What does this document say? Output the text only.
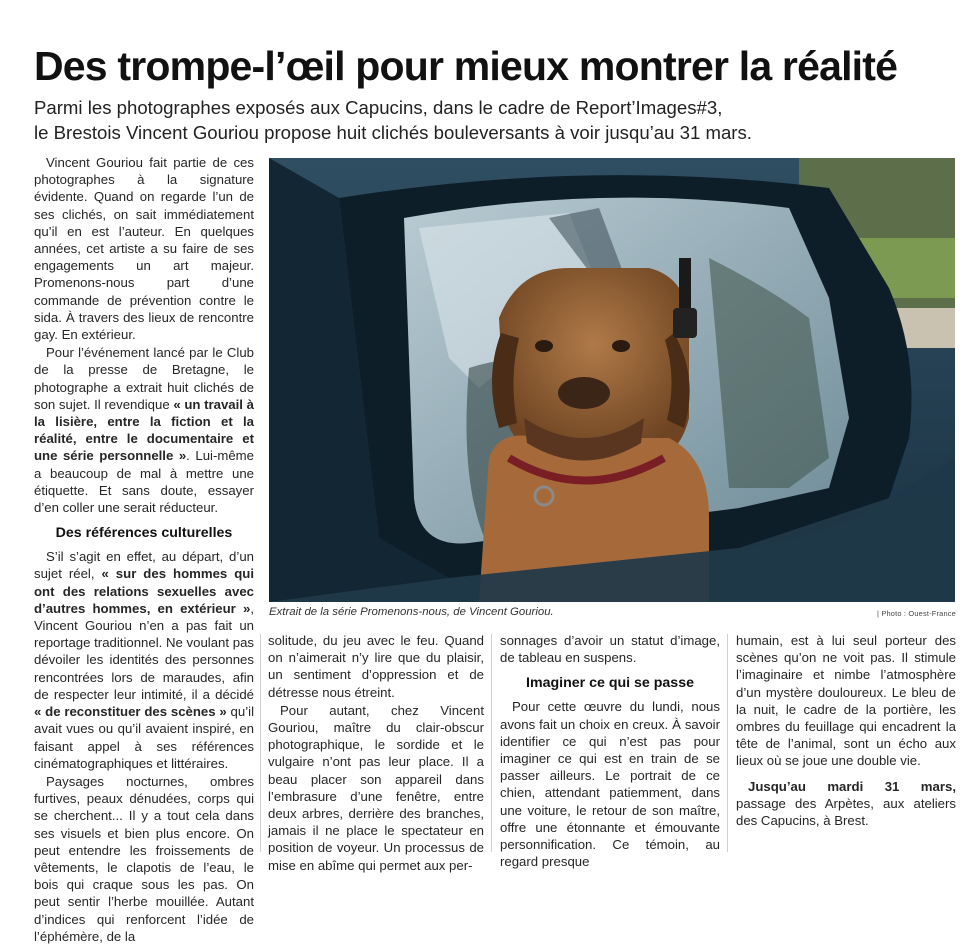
Des trompe-l’œil pour mieux montrer la réalité
Parmi les photographes exposés aux Capucins, dans le cadre de Report’Images#3,
le Brestois Vincent Gouriou propose huit clichés bouleversants à voir jusqu’au 31 mars.

Vincent Gouriou fait partie de ces photographes à la signature évidente. Quand on regarde l’un de ses clichés, on sait immédiatement qu’il en est l’auteur. En quelques années, cet artiste a su faire de ses engagements un art majeur. Promenons-nous part d’une commande de prévention contre le sida. À travers des lieux de rencontre gay. En extérieur.

Pour l’événement lancé par le Club de la presse de Bretagne, le photographe a extrait huit clichés de son sujet. Il revendique « un travail à la lisière, entre la fiction et la réalité, entre le documentaire et une série personnelle ». Lui-même a beaucoup de mal à mettre une étiquette. Et sans doute, essayer d’en coller une serait réducteur.

Des références culturelles

S’il s’agit en effet, au départ, d’un sujet réel, « sur des hommes qui ont des relations sexuelles avec d’autres hommes, en extérieur », Vincent Gouriou n’en a pas fait un reportage traditionnel. Ne voulant pas dévoiler les identités des personnes rencontrées lors de maraudes, afin de respecter leur intimité, il a décidé « de reconstituer des scènes » qu’il avait vues ou qu’il avaient inspiré, en faisant appel à ses références cinématographiques et littéraires.

Paysages nocturnes, ombres furtives, peaux dénudées, corps qui se cherchent... Il y a tout cela dans ses visuels et bien plus encore. On peut entendre les froissements de vêtements, le clapotis de l’eau, le bois qui craque sous les pas. On peut sentir l’herbe mouillée. Autant d’indices qui renforcent l’idée de l’éphémère, de la

Extrait de la série Promenons-nous, de Vincent Gouriou.	| Photo : Ouest-France

solitude, du jeu avec le feu. Quand on n’aimerait n’y lire que du plaisir, un sentiment d’oppression et de détresse nous étreint.

Pour autant, chez Vincent Gouriou, maître du clair-obscur photographique, le sordide et le vulgaire n’ont pas leur place. Il a beau placer son appareil dans l’embrasure d’une fenêtre, entre deux arbres, derrière des branches, jamais il ne place le spectateur en position de voyeur. Un processus de mise en abîme qui permet aux per-

sonnages d’avoir un statut d’image, de tableau en suspens.

Imaginer ce qui se passe

Pour cette œuvre du lundi, nous avons fait un choix en creux. À savoir identifier ce qui n’est pas pour imaginer ce qui est en train de se passer ailleurs. Le portrait de ce chien, attendant patiemment, dans une voiture, le retour de son maître, offre une étonnante et émouvante personnification. Ce témoin, au regard presque

humain, est à lui seul porteur des scènes qu’on ne voit pas. Il stimule l’imaginaire et nimbe l’atmosphère d’un mystère douloureux. Le bleu de la nuit, le cadre de la portière, les ombres du feuillage qui encadrent la tête de l’animal, sont un écho aux lieux où se joue une double vie.

Jusqu’au mardi 31 mars, passage des Arpètes, aux ateliers des Capucins, à Brest.
